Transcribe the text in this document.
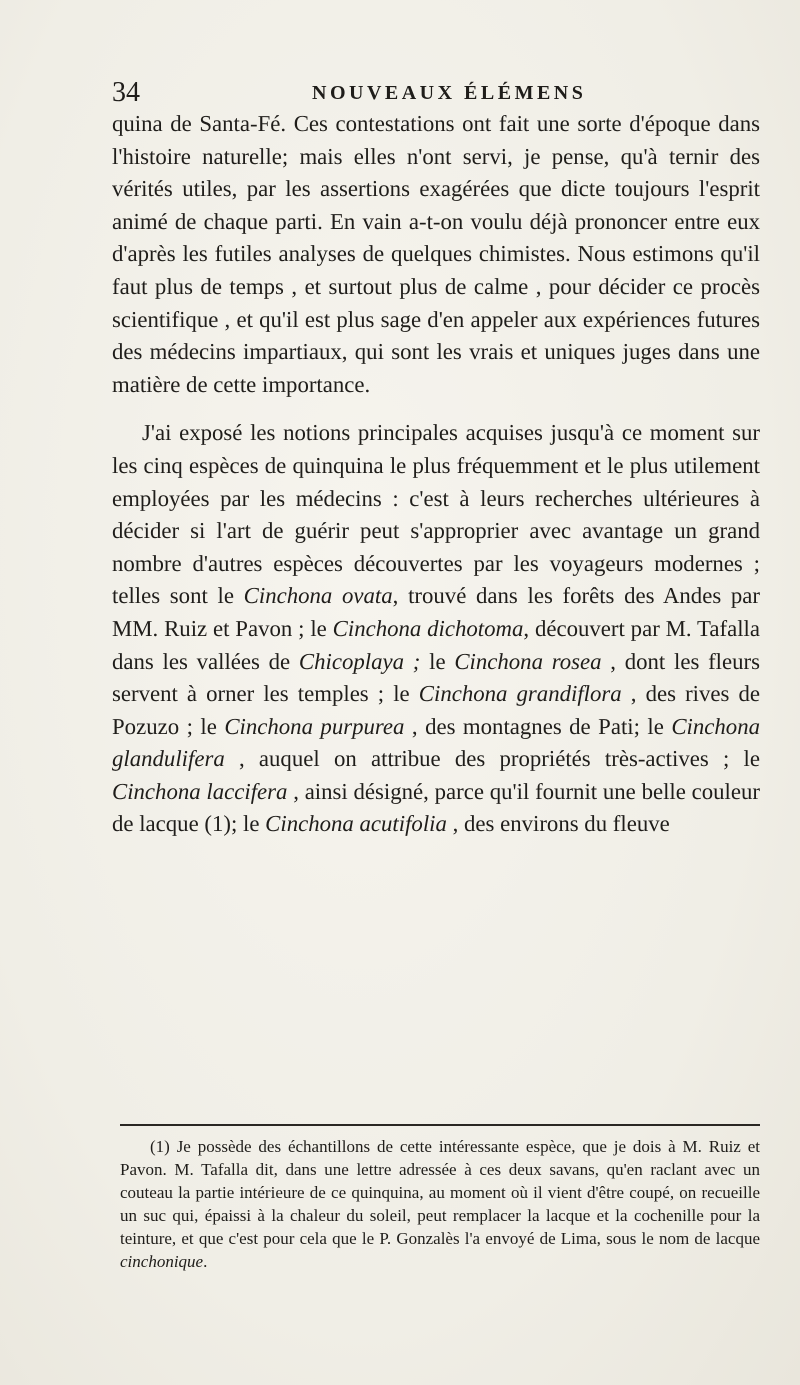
34	NOUVEAUX ÉLÉMENS

quina de Santa-Fé. Ces contestations ont fait une sorte d'époque dans l'histoire naturelle; mais elles n'ont servi, je pense, qu'à ternir des vérités utiles, par les assertions exagérées que dicte toujours l'esprit animé de chaque parti. En vain a-t-on voulu déjà prononcer entre eux d'après les futiles analyses de quelques chimistes. Nous estimons qu'il faut plus de temps , et surtout plus de calme , pour décider ce procès scientifique , et qu'il est plus sage d'en appeler aux expériences futures des médecins impartiaux, qui sont les vrais et uniques juges dans une matière de cette importance.

J'ai exposé les notions principales acquises jusqu'à ce moment sur les cinq espèces de quinquina le plus fréquemment et le plus utilement employées par les médecins : c'est à leurs recherches ultérieures à décider si l'art de guérir peut s'approprier avec avantage un grand nombre d'autres espèces découvertes par les voyageurs modernes ; telles sont le Cinchona ovata, trouvé dans les forêts des Andes par MM. Ruiz et Pavon ; le Cinchona dichotoma, découvert par M. Tafalla dans les vallées de Chicoplaya ; le Cinchona rosea , dont les fleurs servent à orner les temples ; le Cinchona grandiflora , des rives de Pozuzo ; le Cinchona purpurea , des montagnes de Pati; le Cinchona glandulifera , auquel on attribue des propriétés très-actives ; le Cinchona laccifera , ainsi désigné, parce qu'il fournit une belle couleur de lacque (1); le Cinchona acutifolia , des environs du fleuve

(1) Je possède des échantillons de cette intéressante espèce, que je dois à M. Ruiz et Pavon. M. Tafalla dit, dans une lettre adressée à ces deux savans, qu'en raclant avec un couteau la partie intérieure de ce quinquina, au moment où il vient d'être coupé, on recueille un suc qui, épaissi à la chaleur du soleil, peut remplacer la lacque et la cochenille pour la teinture, et que c'est pour cela que le P. Gonzalès l'a envoyé de Lima, sous le nom de lacque cinchonique.
